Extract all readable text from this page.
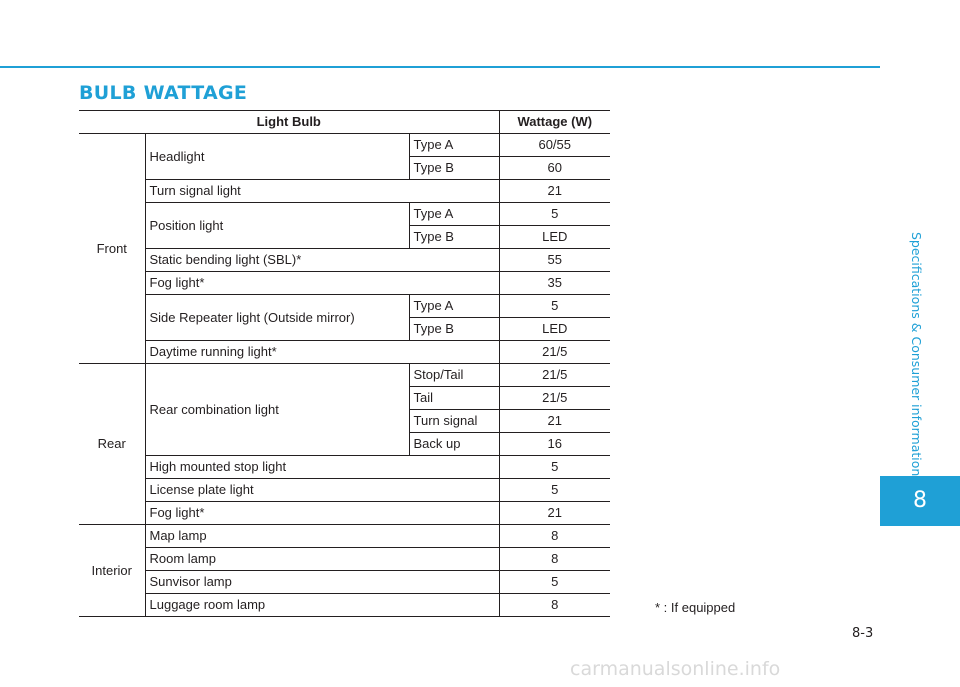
BULB WATTAGE
Light Bulb			Wattage (W)
Front	Headlight	Type A	60/55
		Type B	60
	Turn signal light		21
	Position light	Type A	5
		Type B	LED
	Static bending light (SBL)*		55
	Fog light*		35
	Side Repeater light (Outside mirror)	Type A	5
		Type B	LED
	Daytime running light*		21/5
Rear	Rear combination light	Stop/Tail	21/5
		Tail	21/5
		Turn signal	21
		Back up	16
	High mounted stop light		5
	License plate light		5
	Fog light*		21
Interior	Map lamp		8
	Room lamp		8
	Sunvisor lamp		5
	Luggage room lamp		8
Specifications & Consumer information
8
* : If equipped
8-3
carmanualsonline.info
